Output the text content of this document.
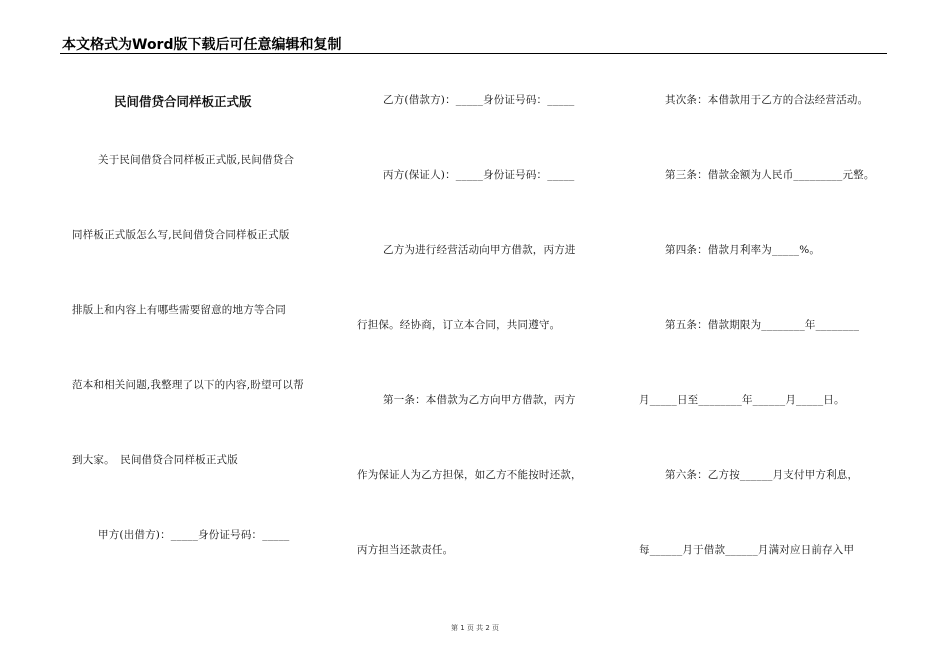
本文格式为Word版下载后可任意编辑和复制
民间借贷合同样板正式版
关于民间借贷合同样板正式版,民间借贷合
同样板正式版怎么写,民间借贷合同样板正式版
排版上和内容上有哪些需要留意的地方等合同
范本和相关问题,我整理了以下的内容,盼望可以帮
到大家。　民间借贷合同样板正式版
甲方(出借方)：_____身份证号码：_____
乙方(借款方)：_____身份证号码：_____
丙方(保证人)：_____身份证号码：_____
乙方为进行经营活动向甲方借款，丙方进
行担保。经协商，订立本合同，共同遵守。
第一条：本借款为乙方向甲方借款，丙方
作为保证人为乙方担保，如乙方不能按时还款，
丙方担当还款责任。
其次条：本借款用于乙方的合法经营活动。
第三条：借款金额为人民币_________元整。
第四条：借款月利率为_____%。
第五条：借款期限为________年________
月_____日至________年______月_____日。
第六条：乙方按______月支付甲方利息，
每______月于借款______月满对应日前存入甲
第 1 页 共 2 页
